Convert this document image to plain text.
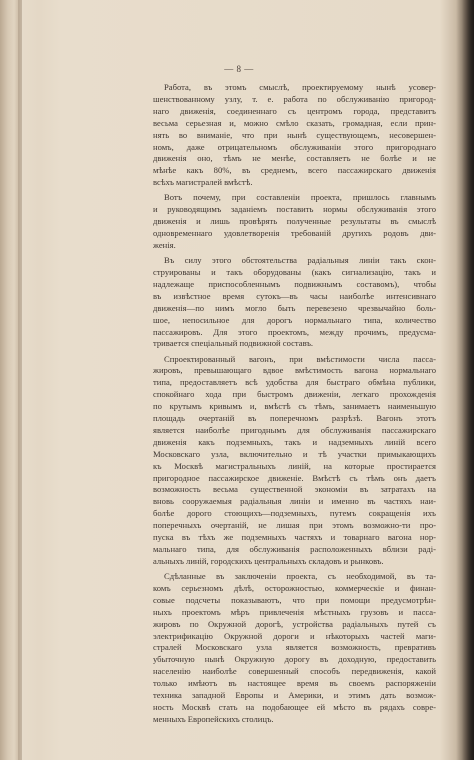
— 8 —
Работа, въ этомъ смыслѣ, проектируемому нынѣ усовер-
шенствованному узлу, т. е. работа по обслуживанію пригород-
наго движенія, соединеннаго съ центромъ города, представитъ
весьма серьезная и, можно смѣло сказать, громадная, если прин-
нять во вниманіе, что при нынѣ существующемъ, несовершен-
номъ, даже отрицательномъ обслуживаніи этого пригороднаго
движенія оно, тѣмъ не менѣе, составляетъ не болѣе и не
мѣнѣе какъ 80%, въ среднемъ, всего пассажирскаго движенія
всѣхъ магистралей вмѣстѣ.
Вотъ почему, при составленіи проекта, пришлось главнымъ
и руководящимъ заданіемъ поставить нормы обслуживанія этого
движенія и лишь провѣрять полученные результаты въ смыслѣ
одновременнаго удовлетворенія требованій другихъ родовъ дви-
женія.
Въ силу этого обстоятельства радіальныя линіи такъ скон-
струированы и такъ оборудованы (какъ сигнализацію, такъ и
надлежаще приспособленнымъ подвижнымъ составомъ), чтобы
въ извѣстное время сутокъ—въ часы наиболѣе интенсивнаго
движенія—по нимъ могло быть перевезено чрезвычайно боль-
шое, непосильное для дорогъ нормальнаго типа, количество
пассажировъ. Для этого проектомъ, между прочимъ, предусма-
тривается спеціальный подвижной составъ.
Спроектированный вагонъ, при вмѣстимости числа пасса-
жировъ, превышающаго вдвое вмѣстимость вагона нормальнаго
типа, предоставляетъ всѣ удобства для быстраго обмѣна публики,
спокойнаго хода при быстромъ движеніи, легкаго прохожденія
по крутымъ кривымъ и, вмѣстѣ съ тѣмъ, занимаетъ наименьшую
площадь очертаній въ поперечномъ разрѣзѣ. Вагонъ этотъ
является наиболѣе пригоднымъ для обслуживанія пассажирскаго
движенія какъ подземныхъ, такъ и надземныхъ линій всего
Московскаго узла, включительно и тѣ участки примыкающихъ
къ Москвѣ магистральныхъ линій, на которые простирается
пригородное пассажирское движеніе. Вмѣстѣ съ тѣмъ онъ даетъ
возможность весьма существенной экономіи въ затратахъ на
вновь сооружаемыя радіальныя линіи и именно въ частяхъ наи-
болѣе дорого стоющихъ—подземныхъ, путемъ сокращенія ихъ
поперечныхъ очертаній, не лишая при этомъ возможно-ти про-
пуска въ тѣхъ же подземныхъ частяхъ и товарнаго вагона нор-
мальнаго типа, для обслуживанія расположенныхъ вблизи раді-
альныхъ линій, городскихъ центральныхъ складовъ и рынковъ.
Сдѣланные въ заключеніи проекта, съ необходимой, въ та-
комъ серьезномъ дѣлѣ, осторожностью, коммерческіе и финан-
совые подсчеты показываютъ, что при помощи предусмотрѣн-
ныхъ проектомъ мѣръ привлеченія мѣстныхъ грузовъ и пасса-
жировъ по Окружной дорогѣ, устройства радіальныхъ путей съ
электрификацію Окружной дороги и нѣкоторыхъ частей маги-
стралей Московскаго узла является возможность, превративъ
убыточную нынѣ Окружную дорогу въ доходную, предоставить
населенію наиболѣе совершенный способъ передвиженія, какой
только имѣютъ въ настоящее время въ своемъ распоряженіи
техника западной Европы и Америки, и этимъ дать возмож-
ность Москвѣ стать на подобающее ей мѣсто въ рядахъ совре-
менныхъ Европейскихъ столицъ.
